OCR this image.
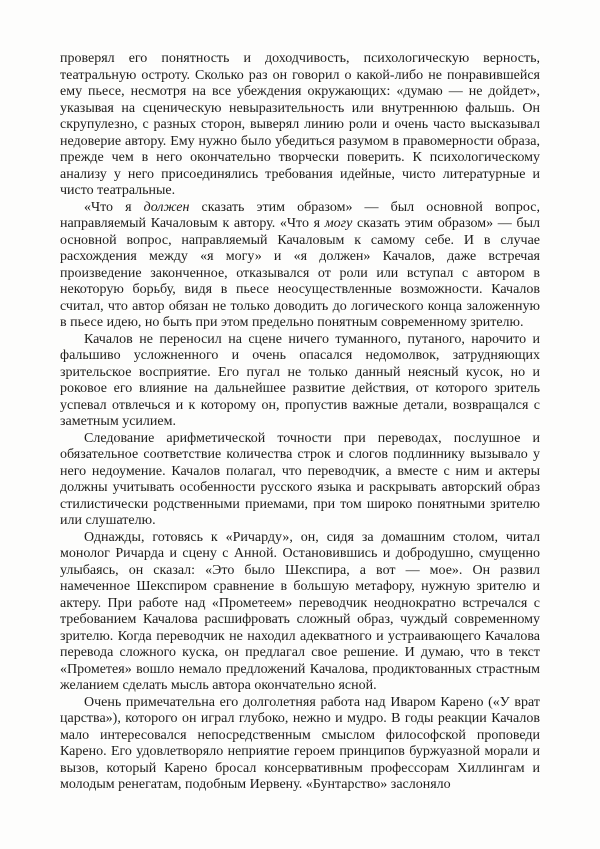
проверял его понятность и доходчивость, психологическую верность, театральную остроту. Сколько раз он говорил о какой-либо не понравившейся ему пьесе, несмотря на все убеждения окружающих: «думаю — не дойдет», указывая на сценическую невыразительность или внутреннюю фальшь. Он скрупулезно, с разных сторон, выверял линию роли и очень часто высказывал недоверие автору. Ему нужно было убедиться разумом в правомерности образа, прежде чем в него окончательно творчески поверить. К психологическому анализу у него присоединялись требования идейные, чисто литературные и чисто театральные.

«Что я должен сказать этим образом» — был основной вопрос, направляемый Качаловым к автору. «Что я могу сказать этим образом» — был основной вопрос, направляемый Качаловым к самому себе. И в случае расхождения между «я могу» и «я должен» Качалов, даже встречая произведение законченное, отказывался от роли или вступал с автором в некоторую борьбу, видя в пьесе неосуществленные возможности. Качалов считал, что автор обязан не только доводить до логического конца заложенную в пьесе идею, но быть при этом предельно понятным современному зрителю.

Качалов не переносил на сцене ничего туманного, путаного, нарочито и фальшиво усложненного и очень опасался недомолвок, затрудняющих зрительское восприятие. Его пугал не только данный неясный кусок, но и роковое его влияние на дальнейшее развитие действия, от которого зритель успевал отвлечься и к которому он, пропустив важные детали, возвращался с заметным усилием.

Следование арифметической точности при переводах, послушное и обязательное соответствие количества строк и слогов подлиннику вызывало у него недоумение. Качалов полагал, что переводчик, а вместе с ним и актеры должны учитывать особенности русского языка и раскрывать авторский образ стилистически родственными приемами, при том широко понятными зрителю или слушателю.

Однажды, готовясь к «Ричарду», он, сидя за домашним столом, читал монолог Ричарда и сцену с Анной. Остановившись и добродушно, смущенно улыбаясь, он сказал: «Это было Шекспира, а вот — мое». Он развил намеченное Шекспиром сравнение в большую метафору, нужную зрителю и актеру. При работе над «Прометеем» переводчик неоднократно встречался с требованием Качалова расшифровать сложный образ, чуждый современному зрителю. Когда переводчик не находил адекватного и устраивающего Качалова перевода сложного куска, он предлагал свое решение. И думаю, что в текст «Прометея» вошло немало предложений Качалова, продиктованных страстным желанием сделать мысль автора окончательно ясной.

Очень примечательна его долголетняя работа над Иваром Карено («У врат царства»), которого он играл глубоко, нежно и мудро. В годы реакции Качалов мало интересовался непосредственным смыслом философской проповеди Карено. Его удовлетворяло неприятие героем принципов буржуазной морали и вызов, который Карено бросал консервативным профессорам Хиллингам и молодым ренегатам, подобным Иервену. «Бунтарство» заслоняло
